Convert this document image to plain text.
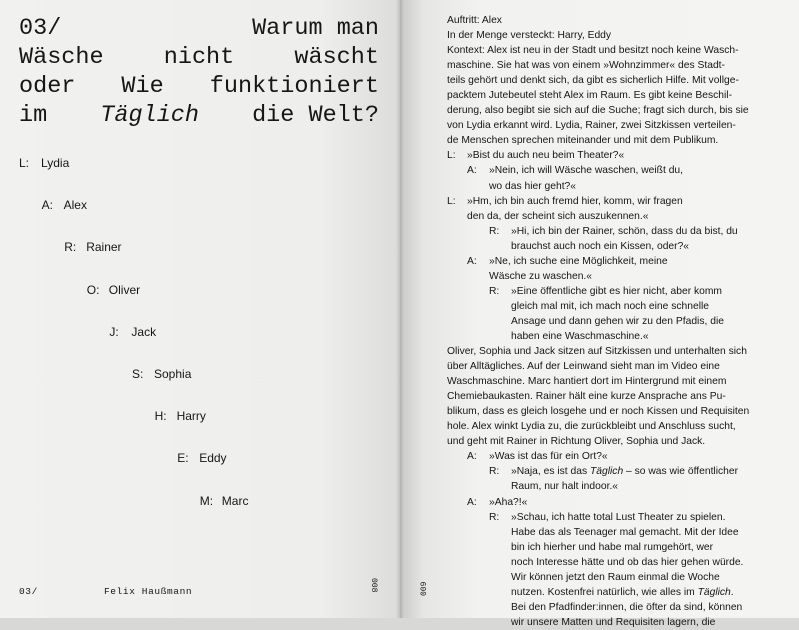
03/	Warum man
Wäsche nicht wäscht
oder Wie funktioniert
im Täglich die Welt?
L: Lydia
A: Alex
R: Rainer
O: Oliver
J: Jack
S: Sophia
H: Harry
E: Eddy
M: Marc
03/	Felix Haußmann	008

Auftritt: Alex

In der Menge versteckt: Harry, Eddy

Kontext: Alex ist neu in der Stadt und besitzt noch keine Wasch-

maschine. Sie hat was von einem »Wohnzimmer« des Stadt-

teils gehört und denkt sich, da gibt es sicherlich Hilfe. Mit vollge-

packtem Jutebeutel steht Alex im Raum. Es gibt keine Beschil-

derung, also begibt sie sich auf die Suche; fragt sich durch, bis sie

von Lydia erkannt wird. Lydia, Rainer, zwei Sitzkissen verteilen-

de Menschen sprechen miteinander und mit dem Publikum.

L: »Bist du auch neu beim Theater?«

A: »Nein, ich will Wäsche waschen, weißt du,

wo das hier geht?«

L: »Hm, ich bin auch fremd hier, komm, wir fragen

den da, der scheint sich auszukennen.«

R: »Hi, ich bin der Rainer, schön, dass du da bist, du

brauchst auch noch ein Kissen, oder?«

A: »Ne, ich suche eine Möglichkeit, meine

Wäsche zu waschen.«

R: »Eine öffentliche gibt es hier nicht, aber komm

gleich mal mit, ich mach noch eine schnelle

Ansage und dann gehen wir zu den Pfadis, die

haben eine Waschmaschine.«

Oliver, Sophia und Jack sitzen auf Sitzkissen und unterhalten sich

über Alltägliches. Auf der Leinwand sieht man im Video eine

Waschmaschine. Marc hantiert dort im Hintergrund mit einem

Chemiebaukasten. Rainer hält eine kurze Ansprache ans Pu-

blikum, dass es gleich losgehe und er noch Kissen und Requisiten

hole. Alex winkt Lydia zu, die zurückbleibt und Anschluss sucht,

und geht mit Rainer in Richtung Oliver, Sophia und Jack.

A: »Was ist das für ein Ort?«

R: »Naja, es ist das Täglich – so was wie öffentlicher

Raum, nur halt indoor.«

A: »Aha?!«

R: »Schau, ich hatte total Lust Theater zu spielen.

Habe das als Teenager mal gemacht. Mit der Idee

bin ich hierher und habe mal rumgehört, wer

noch Interesse hätte und ob das hier gehen würde.

Wir können jetzt den Raum einmal die Woche

nutzen. Kostenfrei natürlich, wie alles im Täglich.

Bei den Pfadfinder:innen, die öfter da sind, können

wir unsere Matten und Requisiten lagern, die

009
